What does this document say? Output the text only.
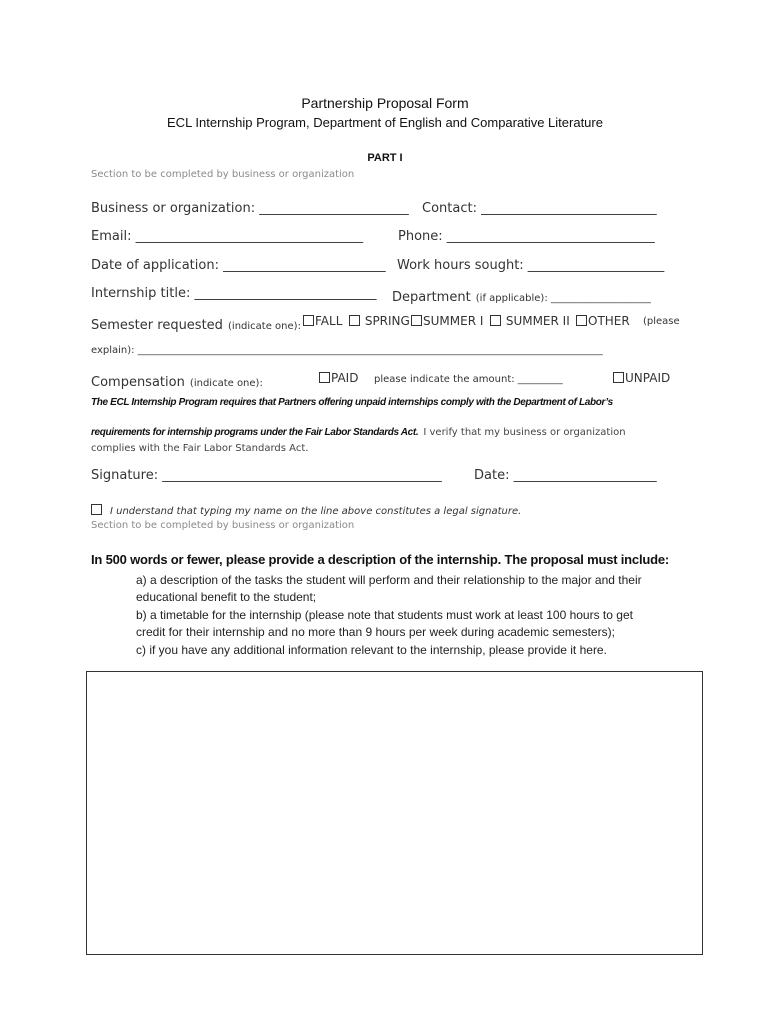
Partnership Proposal Form
ECL Internship Program, Department of English and Comparative Literature
PART I
Section to be completed by business or organization
Business or organization: _______________________ Contact: ___________________________
Email: ___________________________________	Phone: ________________________________
Date of application: _________________________ Work hours sought: _____________________
Internship title: ____________________________ Department (if applicable): ____________________
Semester requested (indicate one):	FALL	SPRING	SUMMER I	SUMMER II	OTHER (please
explain): _____________________________________________________________________________________________
Compensation (indicate one):	PAID please indicate the amount: _________	UNPAID
The ECL Internship Program requires that Partners offering unpaid internships comply with the Department of Labor’s
requirements for internship programs under the Fair Labor Standards Act. I verify that my business or organization
complies with the Fair Labor Standards Act.
Signature: ___________________________________________ Date: ______________________
I understand that typing my name on the line above constitutes a legal signature.
Section to be completed by business or organization
In 500 words or fewer, please provide a description of the internship. The proposal must include:
a) a description of the tasks the student will perform and their relationship to the major and their
educational benefit to the student;
b) a timetable for the internship (please note that students must work at least 100 hours to get
credit for their internship and no more than 9 hours per week during academic semesters);
c) if you have any additional information relevant to the internship, please provide it here.
